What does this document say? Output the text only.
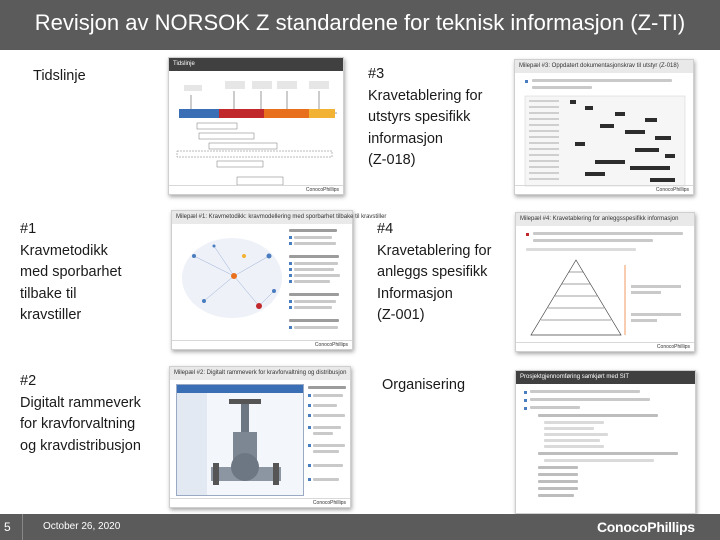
Revisjon av NORSOK Z standardene for teknisk informasjon (Z-TI)
Tidslinje
Tidslinje
ConocoPhillips
#3
Kravetablering for
utstyrs spesifikk
informasjon
(Z-018)
Milepæl #3: Oppdatert dokumentasjonskrav til utstyr (Z-018)
ConocoPhillips
#1
Kravmetodikk
med sporbarhet
tilbake til
kravstiller
Milepæl #1: Kravmetodikk: kravmodellering med sporbarhet tilbake til kravstiller
ConocoPhillips
#4
Kravetablering for
anleggs spesifikk
Informasjon
(Z-001)
Milepæl #4: Kravetablering for anleggsspesifikk informasjon
ConocoPhillips
#2
Digitalt rammeverk
for kravforvaltning
og kravdistribusjon
Milepæl #2: Digitalt rammeverk for kravforvaltning og distribusjon
ConocoPhillips
Organisering	Prosjektgjennomføring samkjørt med SIT
5	October 26, 2020	ConocoPhillips
